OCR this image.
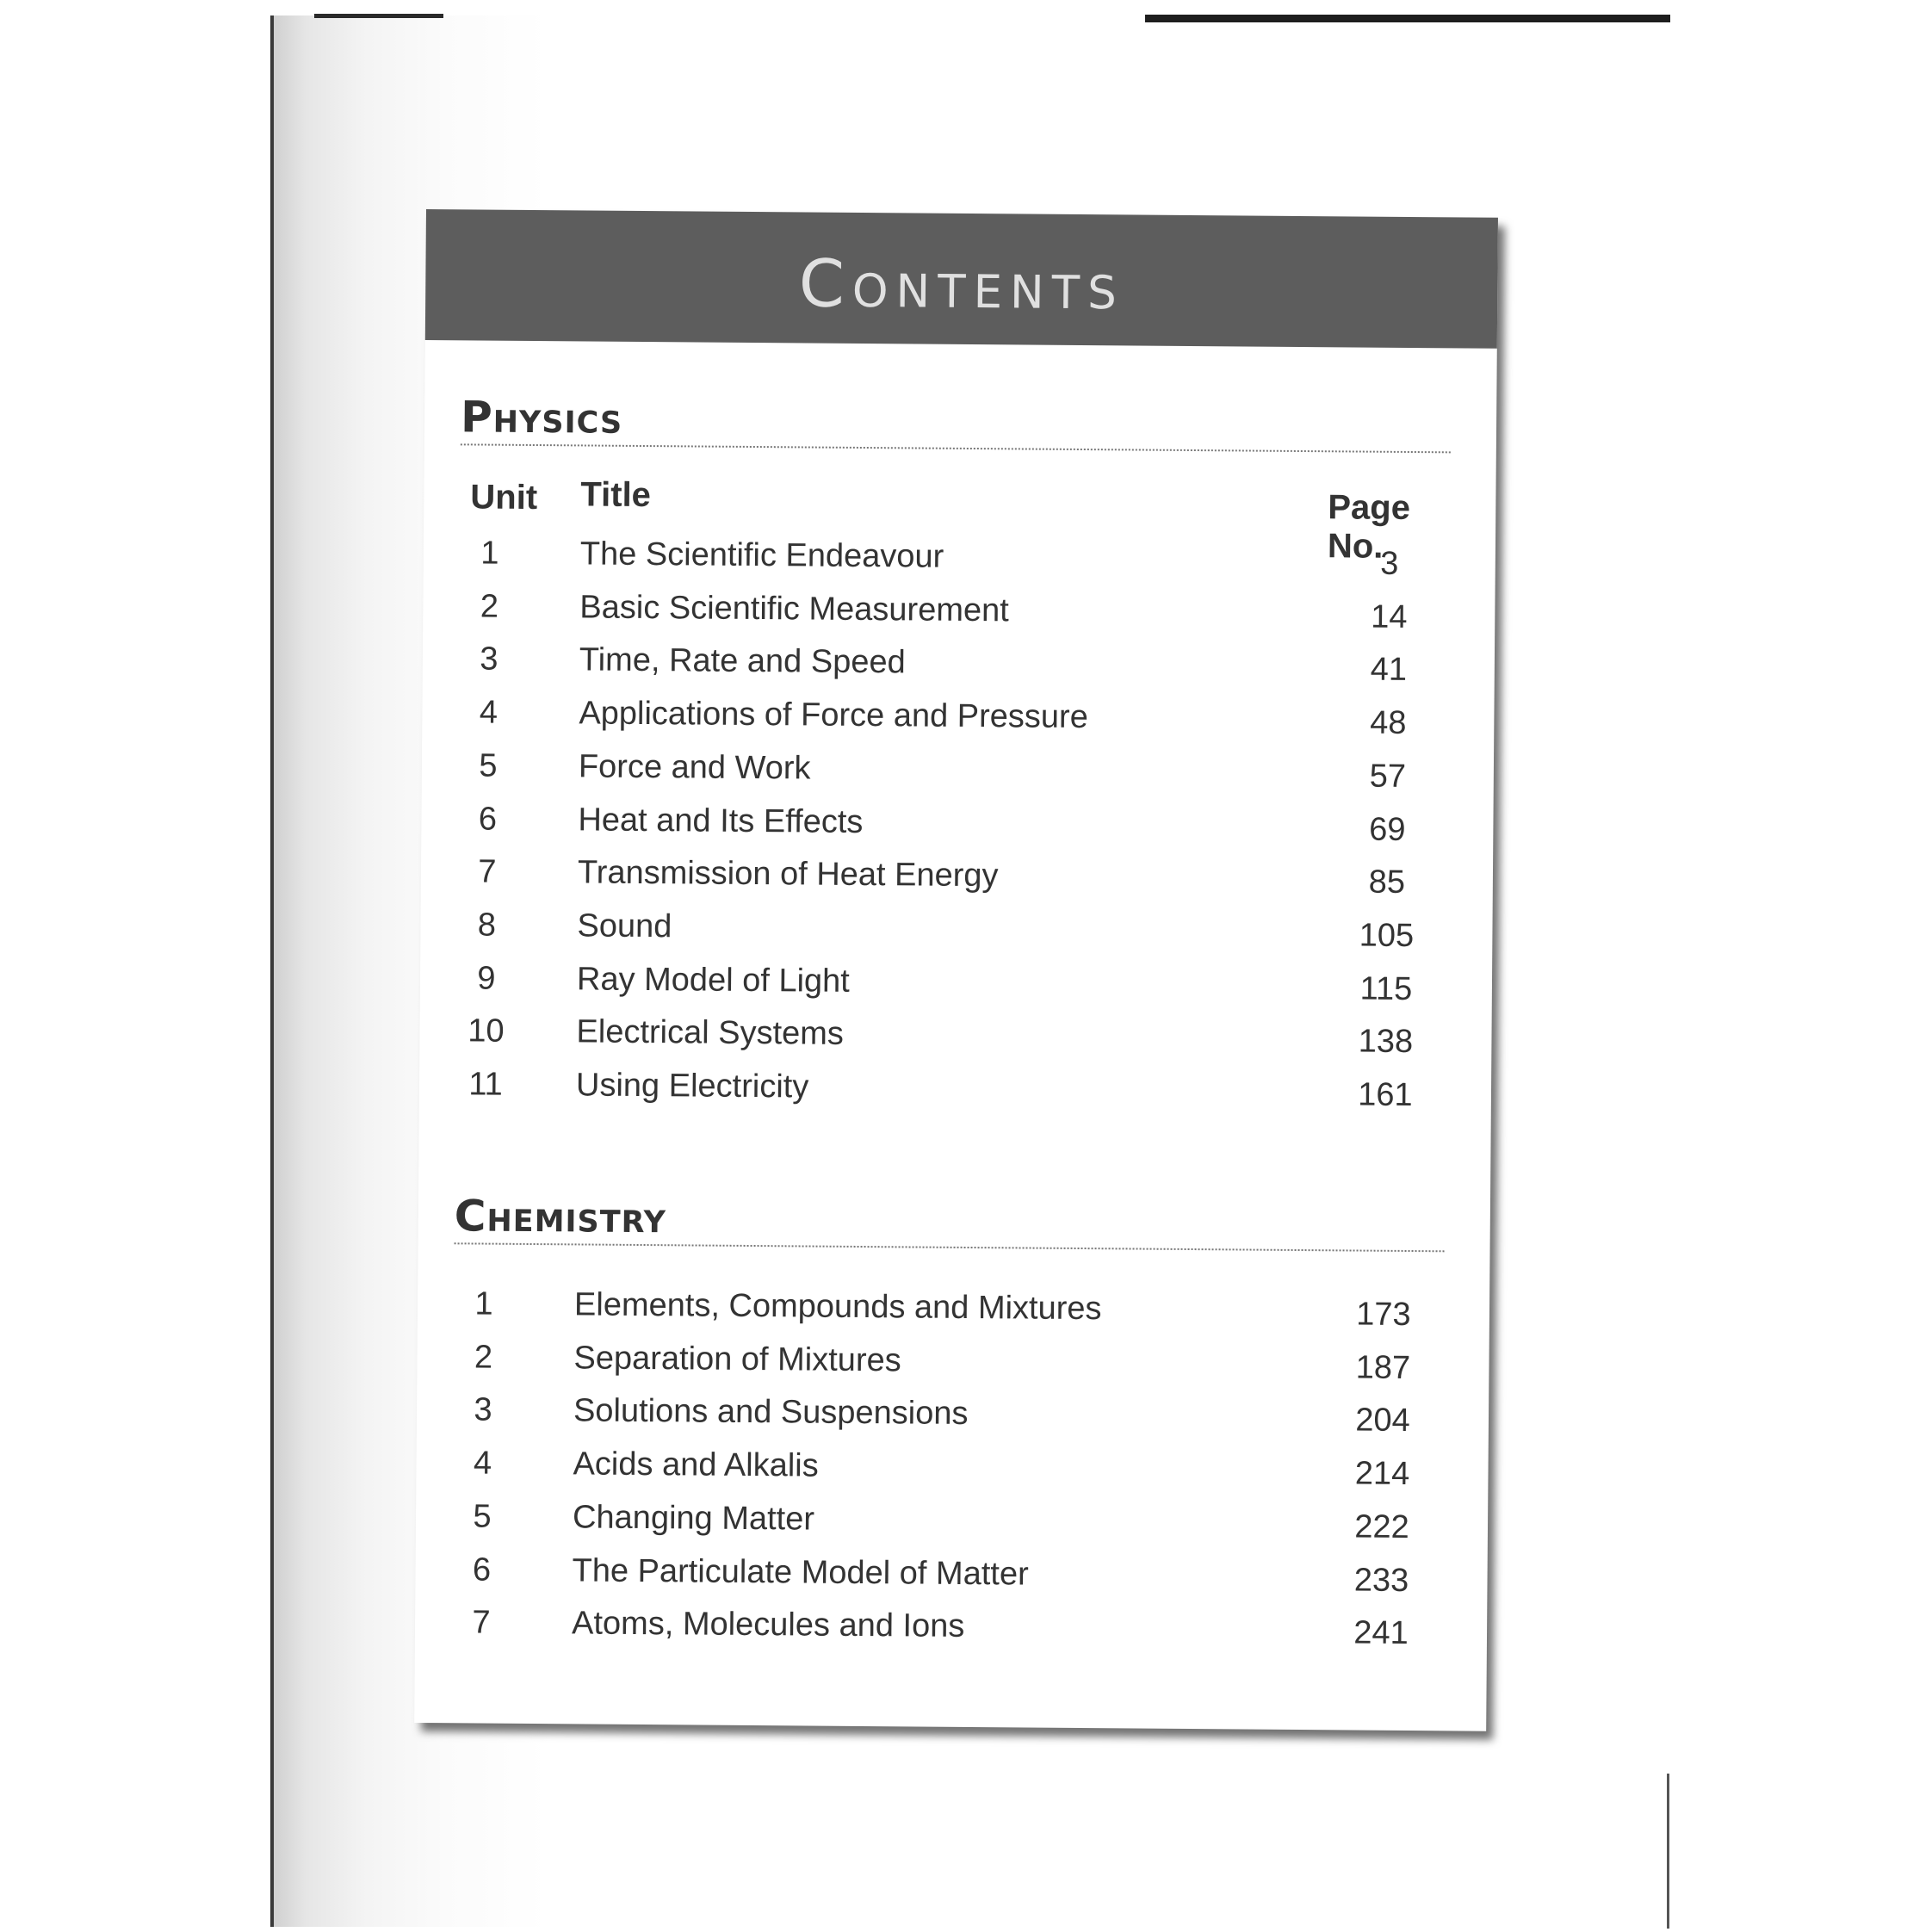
Contents
Physics
Unit Title	Page No.
1	The Scientific Endeavour	3
2	Basic Scientific Measurement	14
3	Time, Rate and Speed	41
4	Applications of Force and Pressure	48
5	Force and Work	57
6	Heat and Its Effects	69
7	Transmission of Heat Energy	85
8	Sound	105
9	Ray Model of Light	115
10	Electrical Systems	138
11	Using Electricity	161
Chemistry
1	Elements, Compounds and Mixtures	173
2	Separation of Mixtures	187
3	Solutions and Suspensions	204
4	Acids and Alkalis	214
5	Changing Matter	222
6	The Particulate Model of Matter	233
7	Atoms, Molecules and Ions	241
